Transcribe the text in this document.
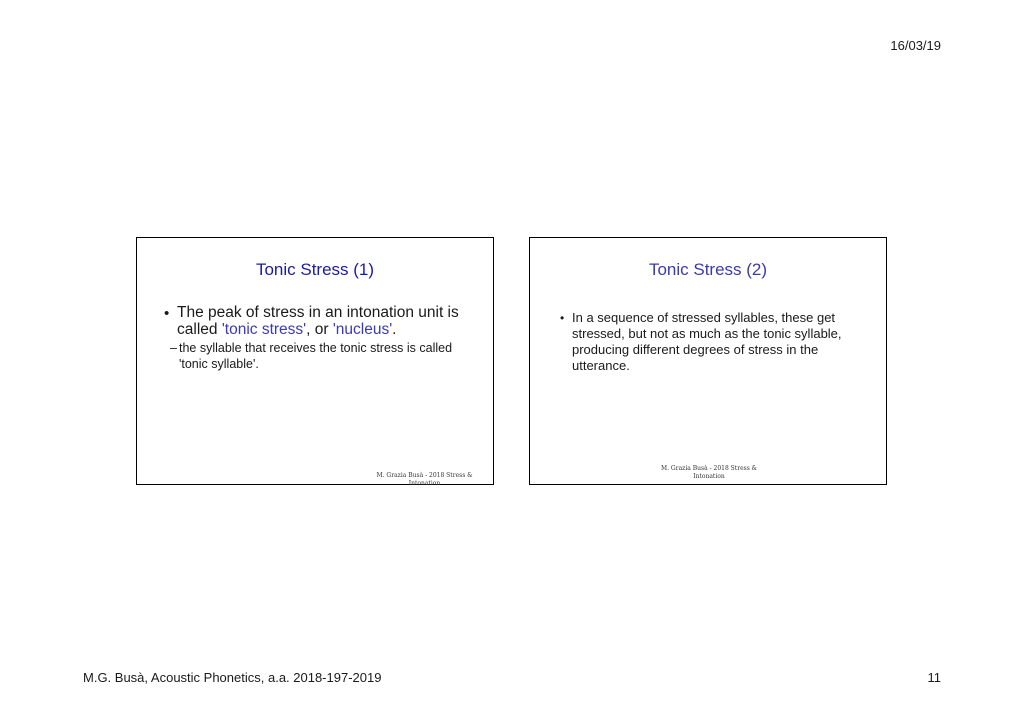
16/03/19
Tonic Stress (1)
• The peak of stress in an intonation unit is called 'tonic stress', or 'nucleus'.
– the syllable that receives the tonic stress is called 'tonic syllable'.
M. Grazia Busà - 2018 Stress & Intonation
Tonic Stress (2)
• In a sequence of stressed syllables, these get stressed, but not as much as the tonic syllable, producing different degrees of stress in the utterance.
M. Grazia Busà - 2018 Stress & Intonation
M.G. Busà, Acoustic Phonetics, a.a. 2018-197-2019	11
